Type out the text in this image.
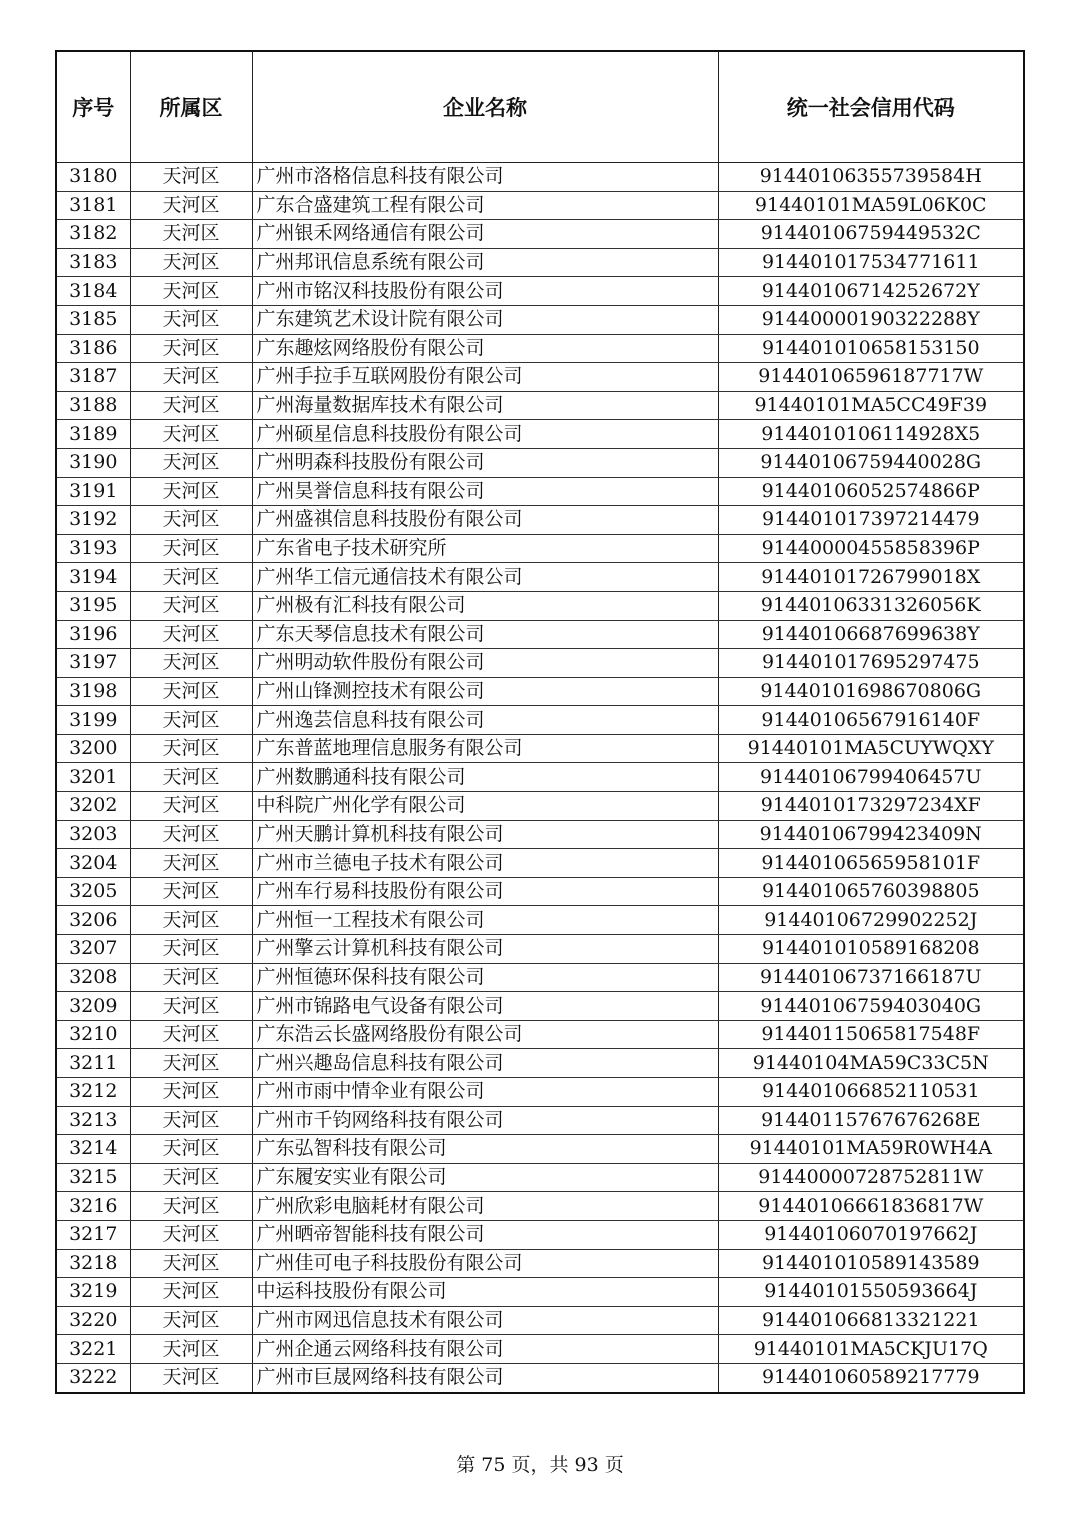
序号	所属区	企业名称	统一社会信用代码
3180	天河区	广州市洛格信息科技有限公司	91440106355739584H
3181	天河区	广东合盛建筑工程有限公司	91440101MA59L06K0C
3182	天河区	广州银禾网络通信有限公司	91440106759449532C
3183	天河区	广州邦讯信息系统有限公司	914401017534771611
3184	天河区	广州市铭汉科技股份有限公司	91440106714252672Y
3185	天河区	广东建筑艺术设计院有限公司	91440000190322288Y
3186	天河区	广东趣炫网络股份有限公司	914401010658153150
3187	天河区	广州手拉手互联网股份有限公司	91440106596187717W
3188	天河区	广州海量数据库技术有限公司	91440101MA5CC49F39
3189	天河区	广州硕星信息科技股份有限公司	9144010106114928X5
3190	天河区	广州明森科技股份有限公司	91440106759440028G
3191	天河区	广州昊誉信息科技有限公司	91440106052574866P
3192	天河区	广州盛祺信息科技股份有限公司	914401017397214479
3193	天河区	广东省电子技术研究所	91440000455858396P
3194	天河区	广州华工信元通信技术有限公司	91440101726799018X
3195	天河区	广州极有汇科技有限公司	91440106331326056K
3196	天河区	广东天琴信息技术有限公司	91440106687699638Y
3197	天河区	广州明动软件股份有限公司	914401017695297475
3198	天河区	广州山锋测控技术有限公司	91440101698670806G
3199	天河区	广州逸芸信息科技有限公司	91440106567916140F
3200	天河区	广东普蓝地理信息服务有限公司	91440101MA5CUYWQXY
3201	天河区	广州数鹏通科技有限公司	91440106799406457U
3202	天河区	中科院广州化学有限公司	9144010173297234XF
3203	天河区	广州天鹏计算机科技有限公司	91440106799423409N
3204	天河区	广州市兰德电子技术有限公司	91440106565958101F
3205	天河区	广州车行易科技股份有限公司	914401065760398805
3206	天河区	广州恒一工程技术有限公司	91440106729902252J
3207	天河区	广州擎云计算机科技有限公司	914401010589168208
3208	天河区	广州恒德环保科技有限公司	91440106737166187U
3209	天河区	广州市锦路电气设备有限公司	91440106759403040G
3210	天河区	广东浩云长盛网络股份有限公司	91440115065817548F
3211	天河区	广州兴趣岛信息科技有限公司	91440104MA59C33C5N
3212	天河区	广州市雨中情伞业有限公司	914401066852110531
3213	天河区	广州市千钧网络科技有限公司	91440115767676268E
3214	天河区	广东弘智科技有限公司	91440101MA59R0WH4A
3215	天河区	广东履安实业有限公司	91440000728752811W
3216	天河区	广州欣彩电脑耗材有限公司	91440106661836817W
3217	天河区	广州晒帝智能科技有限公司	91440106070197662J
3218	天河区	广州佳可电子科技股份有限公司	914401010589143589
3219	天河区	中运科技股份有限公司	91440101550593664J
3220	天河区	广州市网迅信息技术有限公司	914401066813321221
3221	天河区	广州企通云网络科技有限公司	91440101MA5CKJU17Q
3222	天河区	广州市巨晟网络科技有限公司	914401060589217779
第 75 页，共 93 页
